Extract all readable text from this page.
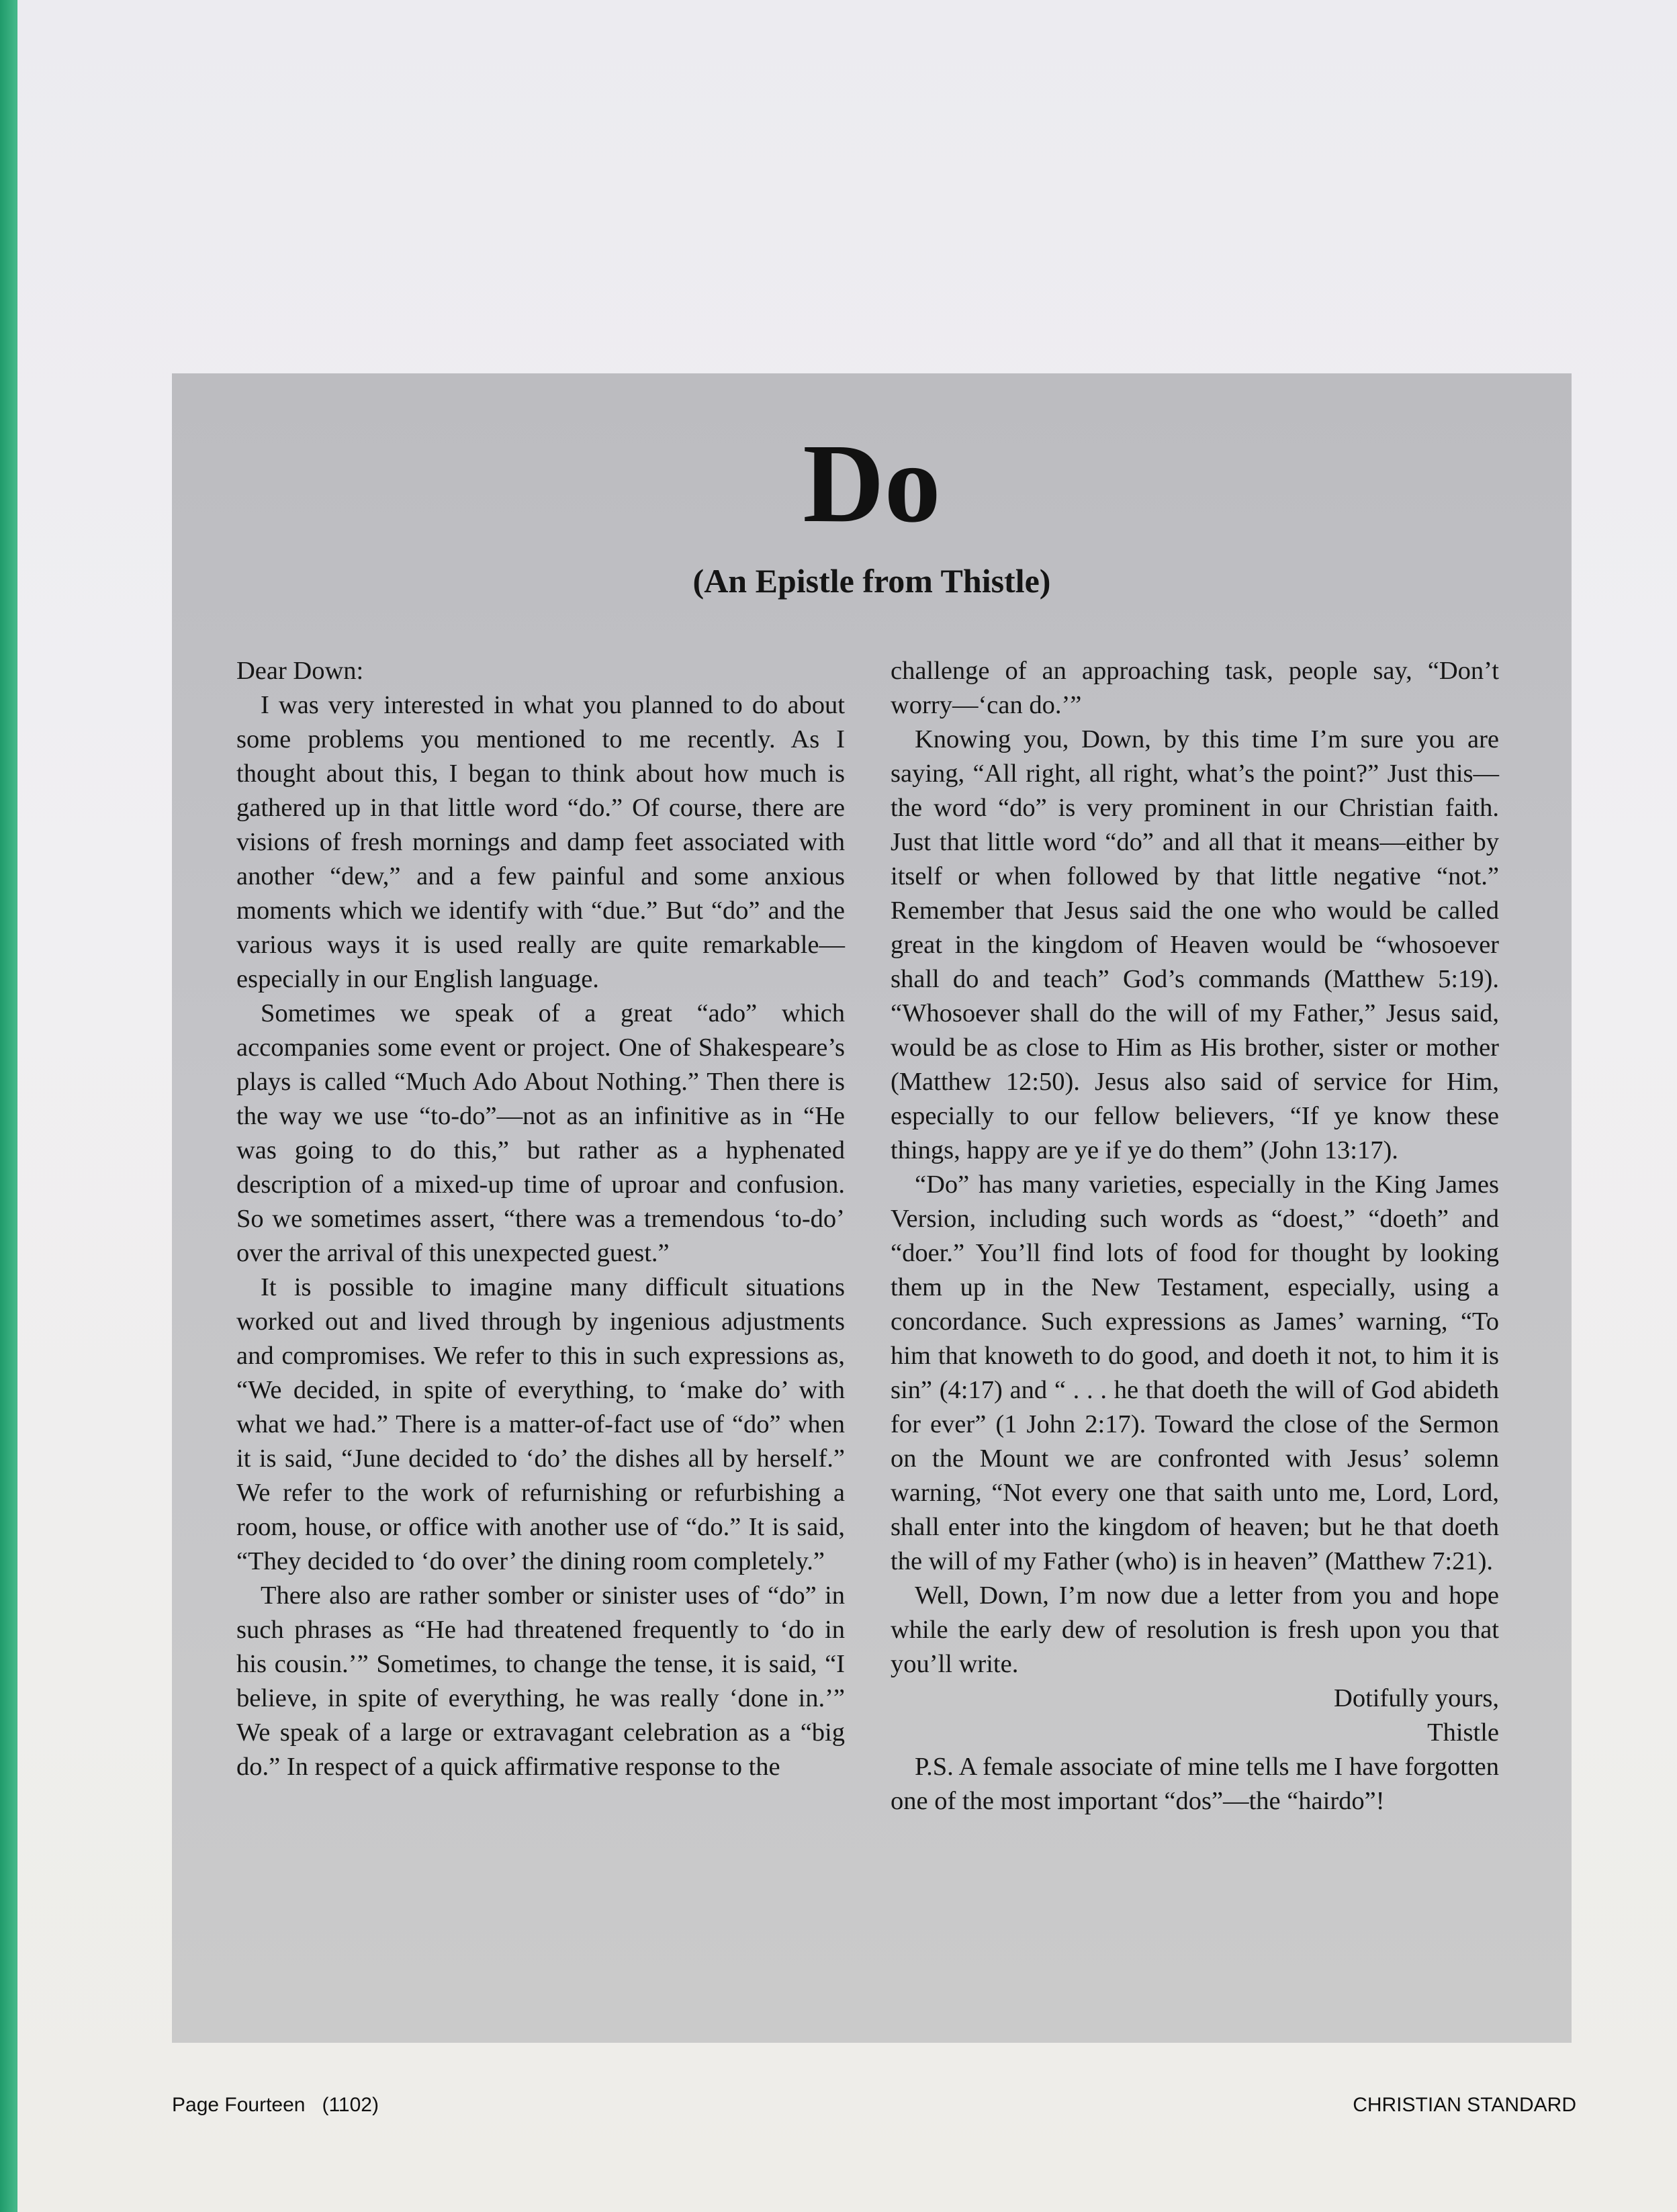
Do
(An Epistle from Thistle)

Dear Down:

I was very interested in what you planned to do about some problems you mentioned to me recently. As I thought about this, I began to think about how much is gathered up in that little word “do.” Of course, there are visions of fresh mornings and damp feet associated with another “dew,” and a few painful and some anxious moments which we identify with “due.” But “do” and the various ways it is used really are quite remarkable—especially in our English language.

Sometimes we speak of a great “ado” which accompanies some event or project. One of Shakespeare’s plays is called “Much Ado About Nothing.” Then there is the way we use “to-do”—not as an infinitive as in “He was going to do this,” but rather as a hyphenated description of a mixed-up time of uproar and confusion. So we sometimes assert, “there was a tremendous ‘to-do’ over the arrival of this unexpected guest.”

It is possible to imagine many difficult situations worked out and lived through by ingenious adjustments and compromises. We refer to this in such expressions as, “We decided, in spite of everything, to ‘make do’ with what we had.” There is a matter-of-fact use of “do” when it is said, “June decided to ‘do’ the dishes all by herself.” We refer to the work of refurnishing or refurbishing a room, house, or office with another use of “do.” It is said, “They decided to ‘do over’ the dining room completely.”

There also are rather somber or sinister uses of “do” in such phrases as “He had threatened frequently to ‘do in his cousin.’” Sometimes, to change the tense, it is said, “I believe, in spite of everything, he was really ‘done in.’” We speak of a large or extravagant celebration as a “big do.” In respect of a quick affirmative response to the

challenge of an approaching task, people say, “Don’t worry—‘can do.’”

Knowing you, Down, by this time I’m sure you are saying, “All right, all right, what’s the point?” Just this—the word “do” is very prominent in our Christian faith. Just that little word “do” and all that it means—either by itself or when followed by that little negative “not.” Remember that Jesus said the one who would be called great in the kingdom of Heaven would be “whosoever shall do and teach” God’s commands (Matthew 5:19). “Whosoever shall do the will of my Father,” Jesus said, would be as close to Him as His brother, sister or mother (Matthew 12:50). Jesus also said of service for Him, especially to our fellow believers, “If ye know these things, happy are ye if ye do them” (John 13:17).

“Do” has many varieties, especially in the King James Version, including such words as “doest,” “doeth” and “doer.” You’ll find lots of food for thought by looking them up in the New Testament, especially, using a concordance. Such expressions as James’ warning, “To him that knoweth to do good, and doeth it not, to him it is sin” (4:17) and “ . . . he that doeth the will of God abideth for ever” (1 John 2:17). Toward the close of the Sermon on the Mount we are confronted with Jesus’ solemn warning, “Not every one that saith unto me, Lord, Lord, shall enter into the kingdom of heaven; but he that doeth the will of my Father (who) is in heaven” (Matthew 7:21).

Well, Down, I’m now due a letter from you and hope while the early dew of resolution is fresh upon you that you’ll write.

Dotifully yours,

Thistle

P.S. A female associate of mine tells me I have forgotten one of the most important “dos”—the “hairdo”!

Page Fourteen   (1102)	CHRISTIAN STANDARD
